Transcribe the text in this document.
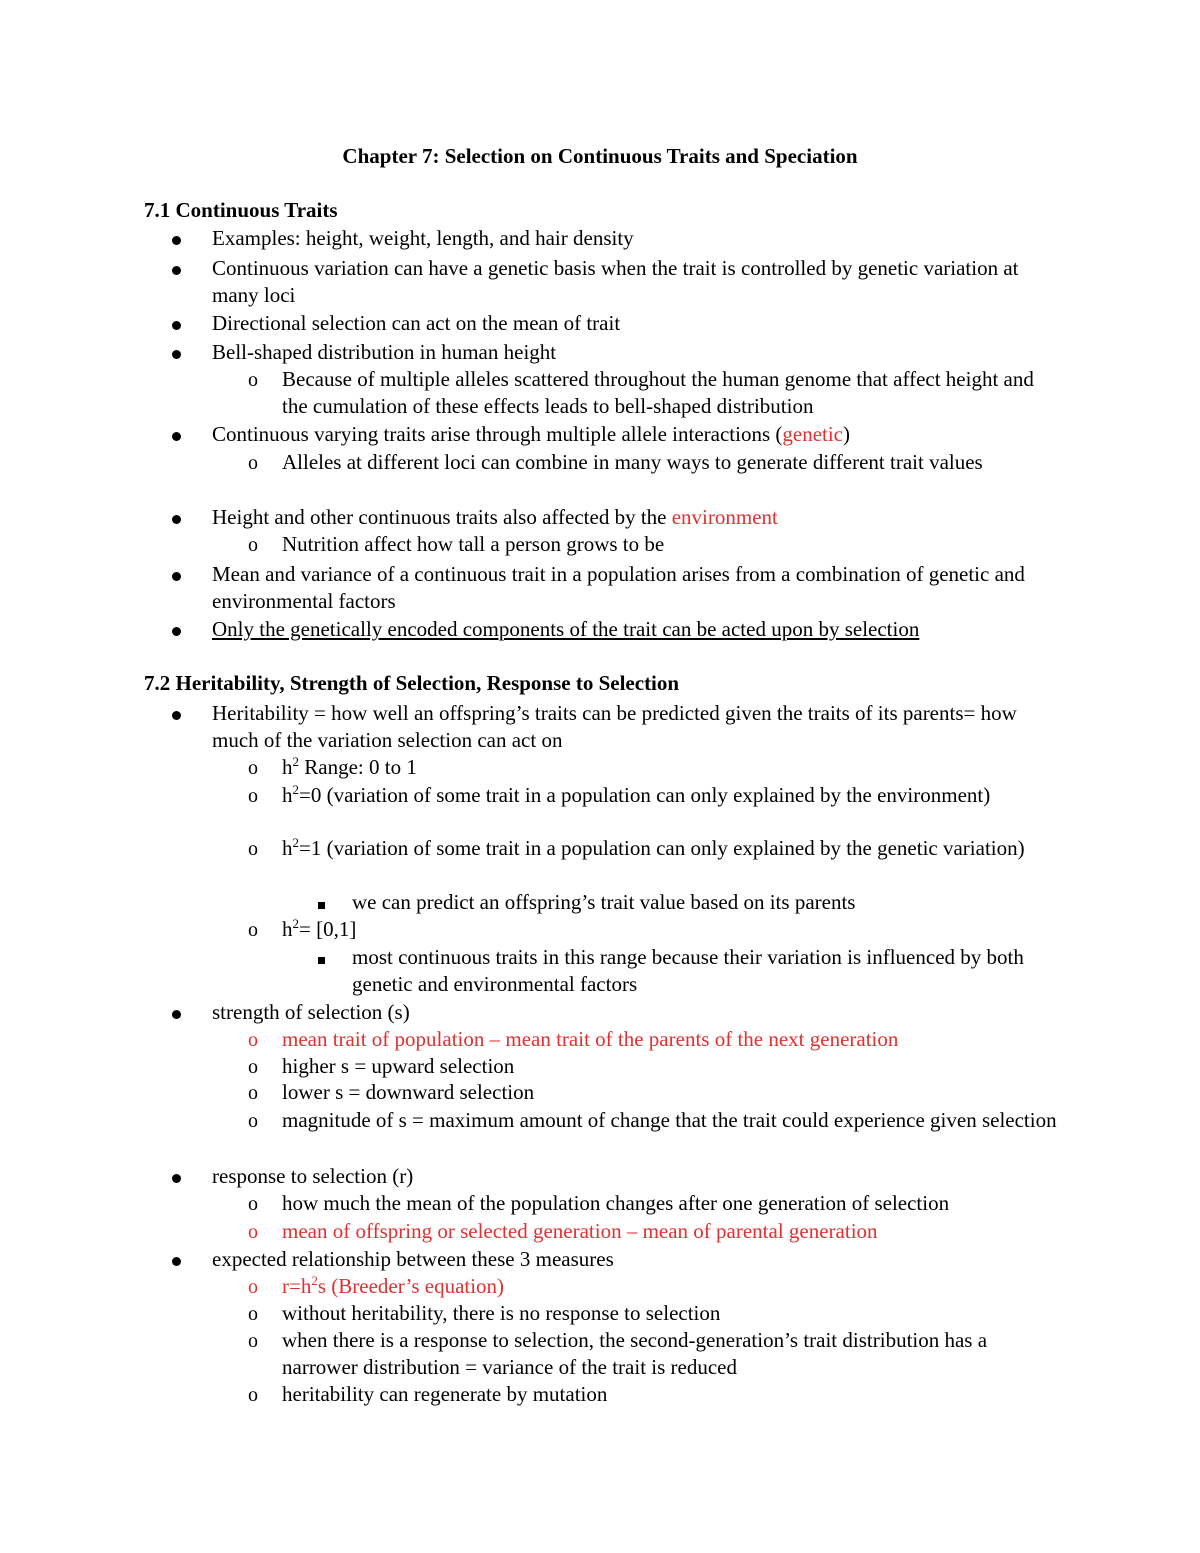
Chapter 7: Selection on Continuous Traits and Speciation
7.1 Continuous Traits
Examples: height, weight, length, and hair density
Continuous variation can have a genetic basis when the trait is controlled by genetic variation at many loci
Directional selection can act on the mean of trait
Bell-shaped distribution in human height
o Because of multiple alleles scattered throughout the human genome that affect height and the cumulation of these effects leads to bell-shaped distribution
Continuous varying traits arise through multiple allele interactions (genetic)
o Alleles at different loci can combine in many ways to generate different trait values
Height and other continuous traits also affected by the environment
o Nutrition affect how tall a person grows to be
Mean and variance of a continuous trait in a population arises from a combination of genetic and environmental factors
Only the genetically encoded components of the trait can be acted upon by selection
7.2 Heritability, Strength of Selection, Response to Selection
Heritability = how well an offspring’s traits can be predicted given the traits of its parents= how much of the variation selection can act on
o $h^2$ Range: 0 to 1
o $h^2=0$ (variation of some trait in a population can only explained by the environment)
o $h^2=1$ (variation of some trait in a population can only explained by the genetic variation)
we can predict an offspring’s trait value based on its parents
o $h^2= [0,1]$
most continuous traits in this range because their variation is influenced by both genetic and environmental factors
strength of selection (s)
o mean trait of population – mean trait of the parents of the next generation
o higher s = upward selection
o lower s = downward selection
o magnitude of s = maximum amount of change that the trait could experience given selection
response to selection (r)
o how much the mean of the population changes after one generation of selection
o mean of offspring or selected generation – mean of parental generation
expected relationship between these 3 measures
o $r=h^2s$ (Breeder’s equation)
o without heritability, there is no response to selection
o when there is a response to selection, the second-generation’s trait distribution has a narrower distribution = variance of the trait is reduced
o heritability can regenerate by mutation
